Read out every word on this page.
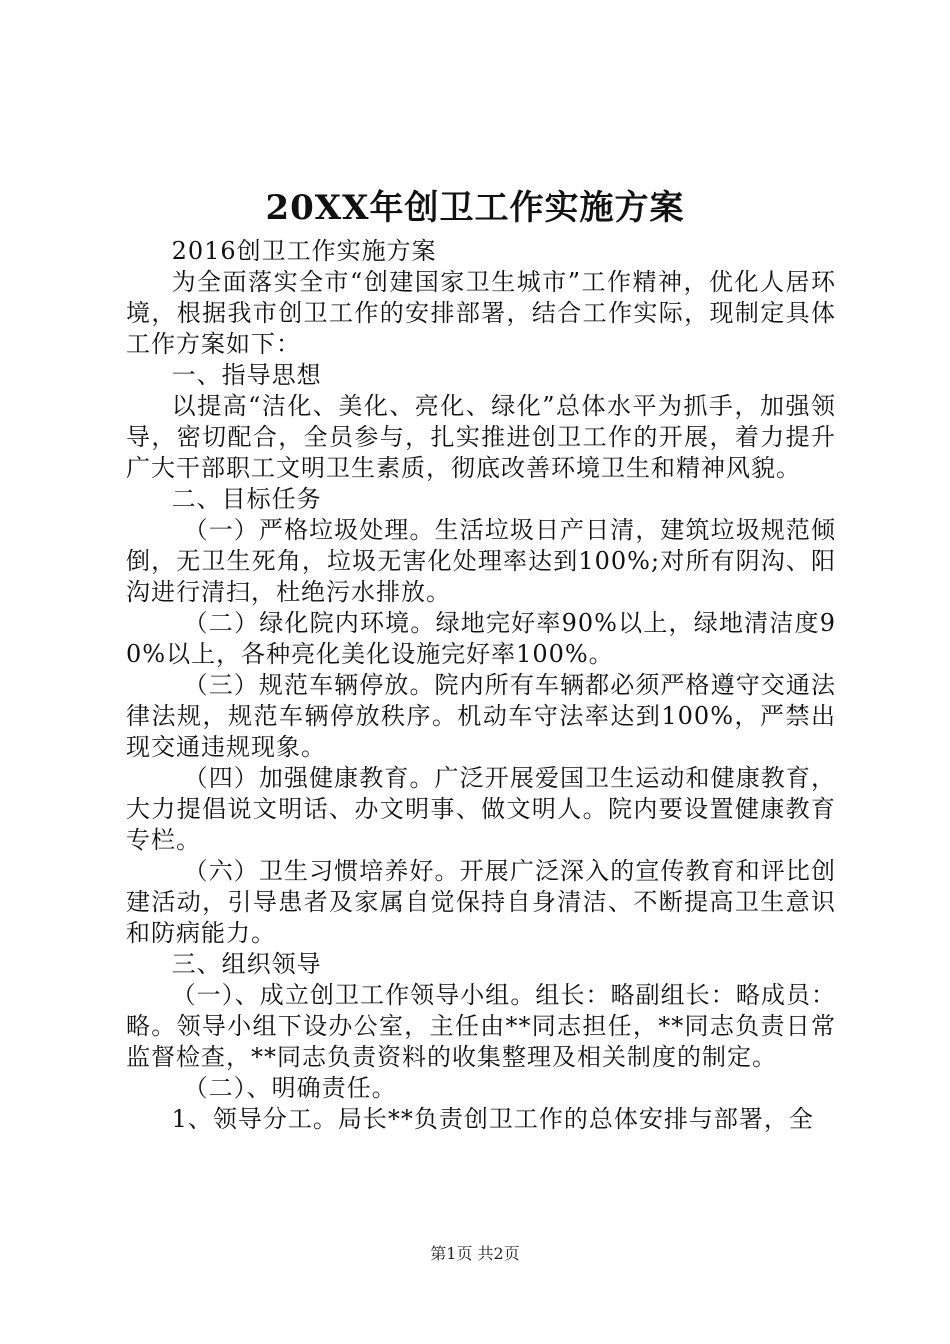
20XX年创卫工作实施方案

2016创卫工作实施方案

为全面落实全市“创建国家卫生城市”工作精神，优化人居环境，根据我市创卫工作的安排部署，结合工作实际，现制定具体工作方案如下：

一、指导思想

以提高“洁化、美化、亮化、绿化”总体水平为抓手，加强领导，密切配合，全员参与，扎实推进创卫工作的开展，着力提升广大干部职工文明卫生素质，彻底改善环境卫生和精神风貌。

二、目标任务

（一）严格垃圾处理。生活垃圾日产日清，建筑垃圾规范倾倒，无卫生死角，垃圾无害化处理率达到100%;对所有阴沟、阳沟进行清扫，杜绝污水排放。

（二）绿化院内环境。绿地完好率90%以上，绿地清洁度90%以上，各种亮化美化设施完好率100%。

（三）规范车辆停放。院内所有车辆都必须严格遵守交通法律法规，规范车辆停放秩序。机动车守法率达到100%，严禁出现交通违规现象。

（四）加强健康教育。广泛开展爱国卫生运动和健康教育，大力提倡说文明话、办文明事、做文明人。院内要设置健康教育专栏。

（六）卫生习惯培养好。开展广泛深入的宣传教育和评比创建活动，引导患者及家属自觉保持自身清洁、不断提高卫生意识和防病能力。

三、组织领导

（一）、成立创卫工作领导小组。组长：略副组长：略成员：略。领导小组下设办公室，主任由**同志担任，**同志负责日常监督检查，**同志负责资料的收集整理及相关制度的制定。

（二）、明确责任。

1、领导分工。局长**负责创卫工作的总体安排与部署，全

第1页 共2页
